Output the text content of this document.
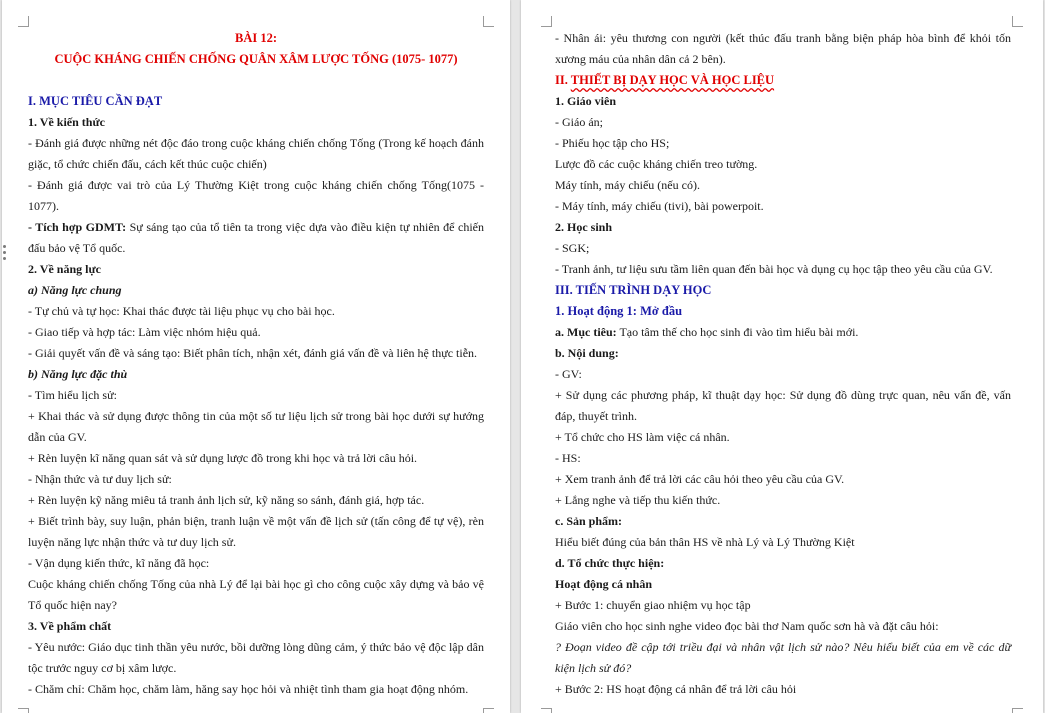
BÀI 12:

CUỘC KHÁNG CHIẾN CHỐNG QUÂN XÂM LƯỢC TỐNG (1075- 1077)

I. MỤC TIÊU CẦN ĐẠT

1. Về kiến thức

- Đánh giá được những nét độc đáo trong cuộc kháng chiến chống Tống (Trong kế hoạch đánh giặc, tổ chức chiến đấu, cách kết thúc cuộc chiến)

- Đánh giá được vai trò của Lý Thường Kiệt trong cuộc kháng chiến chống Tống(1075 - 1077).

- Tích hợp GDMT: Sự sáng tạo của tổ tiên ta trong việc dựa vào điều kiện tự nhiên để chiến đấu bảo vệ Tổ quốc.

2. Về năng lực

a) Năng lực chung

- Tự chủ và tự học: Khai thác được tài liệu phục vụ cho bài học.

- Giao tiếp và hợp tác: Làm việc nhóm hiệu quả.

- Giải quyết vấn đề và sáng tạo: Biết phân tích, nhận xét, đánh giá vấn đề và liên hệ thực tiễn.

b) Năng lực đặc thù

- Tìm hiểu lịch sử:

+ Khai thác và sử dụng được thông tin của một số tư liệu lịch sử trong bài học dưới sự hướng dẫn của GV.

+ Rèn luyện kĩ năng quan sát và sử dụng lược đồ trong khi học và trả lời câu hỏi.

- Nhận thức và tư duy lịch sử:

+ Rèn luyện kỹ năng miêu tả tranh ảnh lịch sử, kỹ năng so sánh, đánh giá, hợp tác.

+ Biết trình bày, suy luận, phản biện, tranh luận về một vấn đề lịch sử (tấn công để tự vệ), rèn luyện năng lực nhận thức và tư duy lịch sử.

- Vận dụng kiến thức, kĩ năng đã học:

Cuộc kháng chiến chống Tống của nhà Lý để lại bài học gì cho công cuộc xây dựng và bảo vệ Tổ quốc hiện nay?

3. Về phẩm chất

- Yêu nước: Giáo dục tinh thần yêu nước, bồi dưỡng lòng dũng cảm, ý thức bảo vệ độc lập dân tộc trước nguy cơ bị xâm lược.

- Chăm chỉ: Chăm học, chăm làm, hăng say học hỏi và nhiệt tình tham gia hoạt động nhóm.

- Nhân ái: yêu thương con người (kết thúc đấu tranh bằng biện pháp hòa bình để khỏi tốn xương máu của nhân dân cả 2 bên).

II. THIẾT BỊ DẠY HỌC VÀ HỌC LIỆU

1. Giáo viên

- Giáo án;

- Phiếu học tập cho HS;

Lược đồ các cuộc kháng chiến treo tường.

Máy tính, máy chiếu (nếu có).

- Máy tính, máy chiếu (tivi), bài powerpoit.

2. Học sinh

- SGK;

- Tranh ảnh, tư liệu sưu tầm liên quan đến bài học và dụng cụ học tập theo yêu cầu của GV.

III. TIẾN TRÌNH DẠY HỌC

1. Hoạt động 1: Mở đầu

a. Mục tiêu: Tạo tâm thế cho học sinh đi vào tìm hiểu bài mới.

b. Nội dung:

- GV:

+ Sử dụng các phương pháp, kĩ thuật dạy học: Sử dụng đồ dùng trực quan, nêu vấn đề, vấn đáp, thuyết trình.

+ Tổ chức cho HS làm việc cá nhân.

- HS:

+ Xem tranh ảnh để trả lời các câu hỏi theo yêu cầu của GV.

+ Lắng nghe và tiếp thu kiến thức.

c. Sản phẩm:

Hiểu biết đúng của bản thân HS về nhà Lý và Lý Thường Kiệt

d. Tổ chức thực hiện:

Hoạt động cá nhân

+ Bước 1: chuyển giao nhiệm vụ học tập

Giáo viên cho học sinh nghe video đọc bài thơ Nam quốc sơn hà và đặt câu hỏi:

? Đoạn video đề cập tới triều đại và nhân vật lịch sử nào? Nêu hiểu biết của em về các dữ kiện lịch sử đó?

+ Bước 2: HS hoạt động cá nhân để trả lời câu hỏi
